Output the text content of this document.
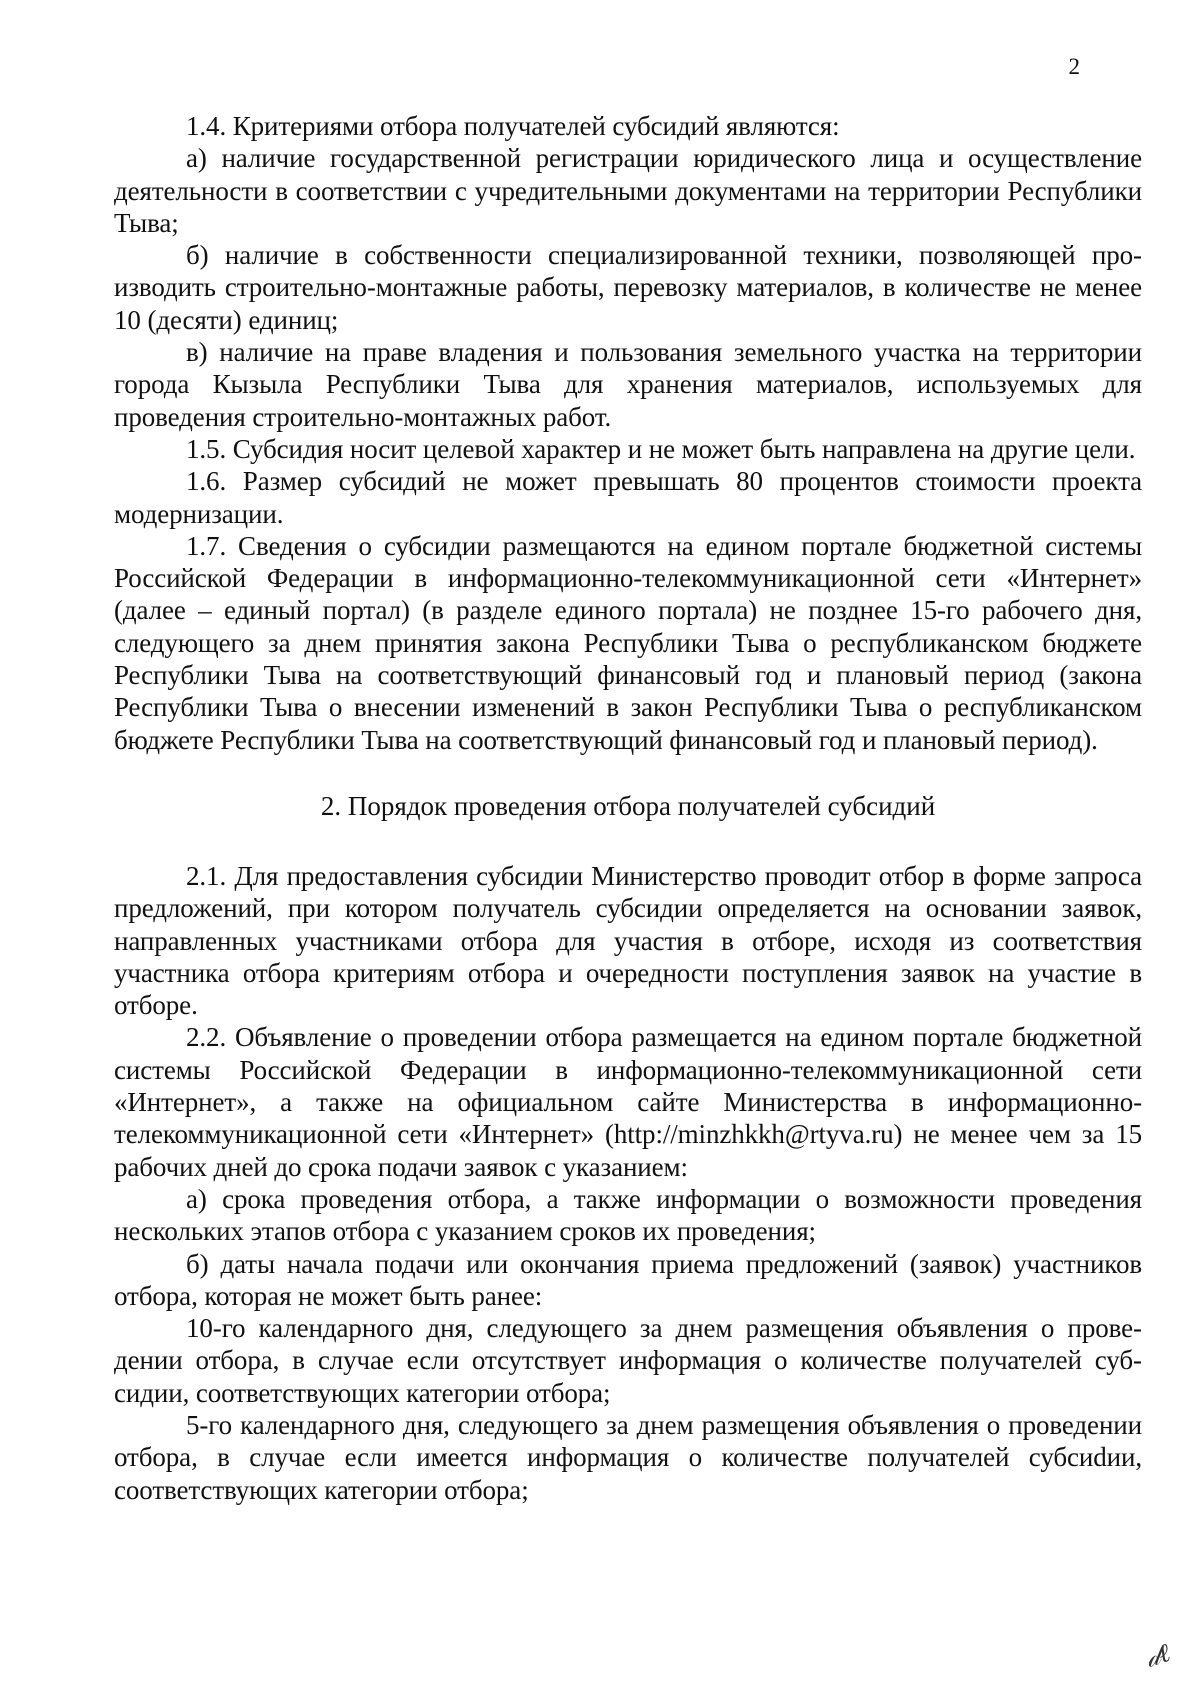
2

1.4. Критериями отбора получателей субсидий являются:

а) наличие государственной регистрации юридического лица и осуществление деятельности в соответствии с учредительными документами на территории Республики Тыва;

б) наличие в собственности специализированной техники, позволяющей производить строительно-монтажные работы, перевозку материалов, в количестве не менее 10 (десяти) единиц;

в) наличие на праве владения и пользования земельного участка на территории города Кызыла Республики Тыва для хранения материалов, используемых для проведения строительно-монтажных работ.

1.5. Субсидия носит целевой характер и не может быть направлена на другие цели.

1.6. Размер субсидий не может превышать 80 процентов стоимости проекта модернизации.

1.7. Сведения о субсидии размещаются на едином портале бюджетной системы Российской Федерации в информационно-телекоммуникационной сети «Интернет» (далее – единый портал) (в разделе единого портала) не позднее 15-го рабочего дня, следующего за днем принятия закона Республики Тыва о республиканском бюджете Республики Тыва на соответствующий финансовый год и плановый период (закона Республики Тыва о внесении изменений в закон Республики Тыва о республиканском бюджете Республики Тыва на соответствующий финансовый год и плановый период).

2. Порядок проведения отбора получателей субсидий

2.1. Для предоставления субсидии Министерство проводит отбор в форме запроса предложений, при котором получатель субсидии определяется на основании заявок, направленных участниками отбора для участия в отборе, исходя из соответствия участника отбора критериям отбора и очередности поступления заявок на участие в отборе.

2.2. Объявление о проведении отбора размещается на едином портале бюджетной системы Российской Федерации в информационно-телекоммуникационной сети «Интернет», а также на официальном сайте Министерства в информационно-телекоммуникационной сети «Интернет» (http://minzhkkh@rtyva.ru) не менее чем за 15 рабочих дней до срока подачи заявок с указанием:

а) срока проведения отбора, а также информации о возможности проведения нескольких этапов отбора с указанием сроков их проведения;

б) даты начала подачи или окончания приема предложений (заявок) участников отбора, которая не может быть ранее:

10-го календарного дня, следующего за днем размещения объявления о проведении отбора, в случае если отсутствует информация о количестве получателей субсидии, соответствующих категории отбора;

5-го календарного дня, следующего за днем размещения объявления о проведении отбора, в случае если имеется информация о количестве получателей субсиdии, соответствующих категории отбора;

𝒹ℓ
